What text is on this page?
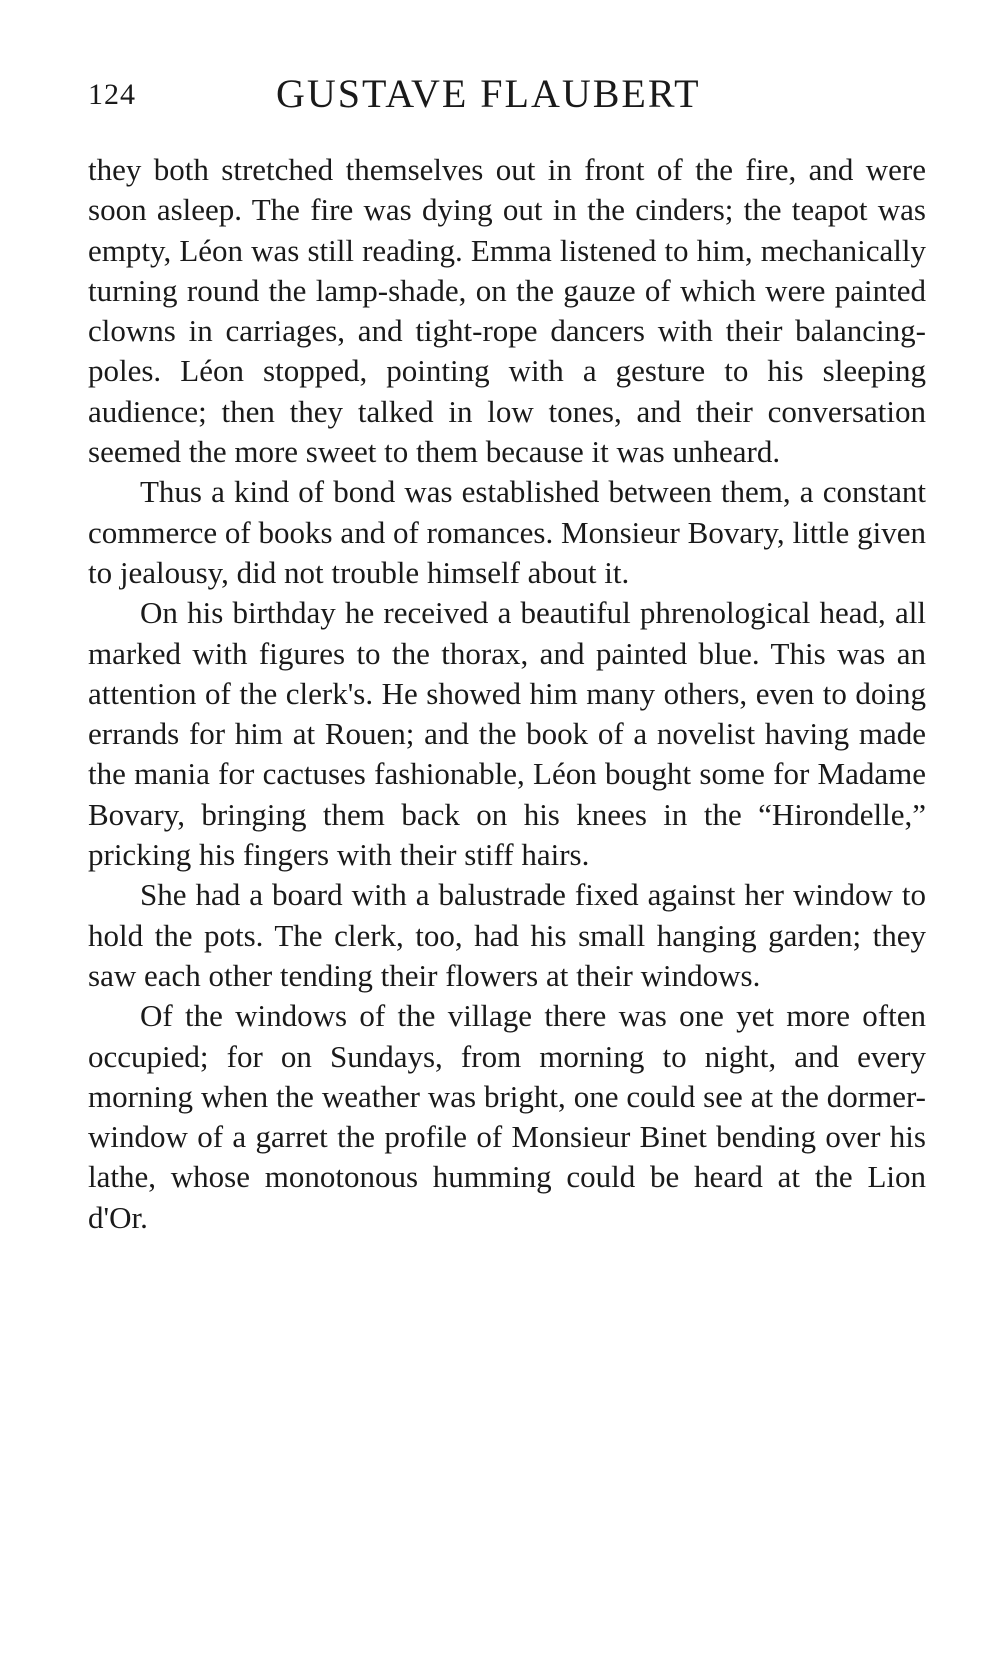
124	GUSTAVE FLAUBERT

they both stretched themselves out in front of the fire, and were soon asleep. The fire was dying out in the cinders; the teapot was empty, Léon was still reading. Emma listened to him, mechanically turning round the lamp-shade, on the gauze of which were painted clowns in carriages, and tight-rope dancers with their balancing-poles. Léon stopped, pointing with a gesture to his sleeping audience; then they talked in low tones, and their conversation seemed the more sweet to them because it was unheard.

Thus a kind of bond was established between them, a constant commerce of books and of romances. Monsieur Bovary, little given to jealousy, did not trouble himself about it.

On his birthday he received a beautiful phrenological head, all marked with figures to the thorax, and painted blue. This was an attention of the clerk's. He showed him many others, even to doing errands for him at Rouen; and the book of a novelist having made the mania for cactuses fashionable, Léon bought some for Madame Bovary, bringing them back on his knees in the “Hirondelle,” pricking his fingers with their stiff hairs.

She had a board with a balustrade fixed against her window to hold the pots. The clerk, too, had his small hanging garden; they saw each other tending their flowers at their windows.

Of the windows of the village there was one yet more often occupied; for on Sundays, from morning to night, and every morning when the weather was bright, one could see at the dormer-window of a garret the profile of Monsieur Binet bending over his lathe, whose monotonous humming could be heard at the Lion d'Or.
